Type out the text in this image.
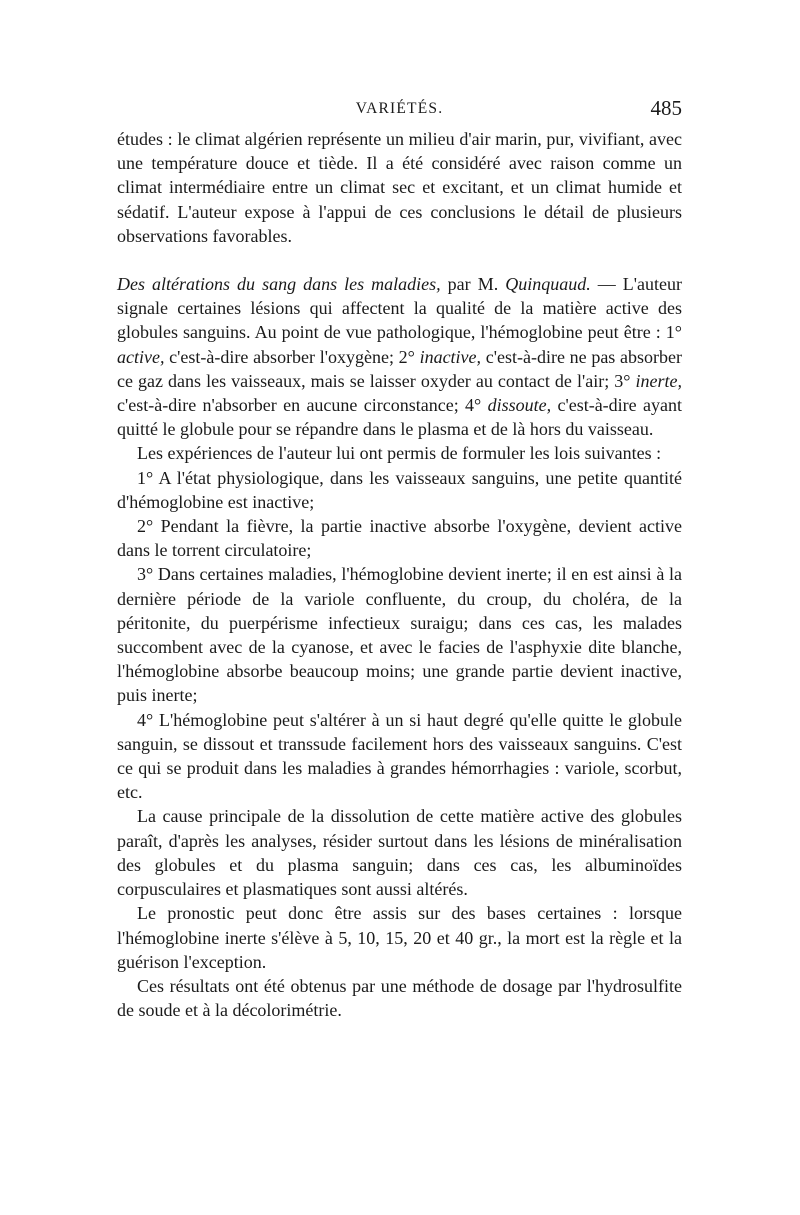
VARIÉTÉS.	485

études : le climat algérien représente un milieu d'air marin, pur, vivifiant, avec une température douce et tiède. Il a été considéré avec raison comme un climat intermédiaire entre un climat sec et excitant, et un climat humide et sédatif. L'auteur expose à l'appui de ces conclusions le détail de plusieurs observations favorables.

Des altérations du sang dans les maladies, par M. Quinquaud. — L'auteur signale certaines lésions qui affectent la qualité de la matière active des globules sanguins. Au point de vue pathologique, l'hémoglobine peut être : 1° active, c'est-à-dire absorber l'oxygène; 2° inactive, c'est-à-dire ne pas absorber ce gaz dans les vaisseaux, mais se laisser oxyder au contact de l'air; 3° inerte, c'est-à-dire n'absorber en aucune circonstance; 4° dissoute, c'est-à-dire ayant quitté le globule pour se répandre dans le plasma et de là hors du vaisseau.

Les expériences de l'auteur lui ont permis de formuler les lois suivantes :

1° A l'état physiologique, dans les vaisseaux sanguins, une petite quantité d'hémoglobine est inactive;

2° Pendant la fièvre, la partie inactive absorbe l'oxygène, devient active dans le torrent circulatoire;

3° Dans certaines maladies, l'hémoglobine devient inerte; il en est ainsi à la dernière période de la variole confluente, du croup, du choléra, de la péritonite, du puerpérisme infectieux suraigu; dans ces cas, les malades succombent avec de la cyanose, et avec le facies de l'asphyxie dite blanche, l'hémoglobine absorbe beaucoup moins; une grande partie devient inactive, puis inerte;

4° L'hémoglobine peut s'altérer à un si haut degré qu'elle quitte le globule sanguin, se dissout et transsude facilement hors des vaisseaux sanguins. C'est ce qui se produit dans les maladies à grandes hémorrhagies : variole, scorbut, etc.

La cause principale de la dissolution de cette matière active des globules paraît, d'après les analyses, résider surtout dans les lésions de minéralisation des globules et du plasma sanguin; dans ces cas, les albuminoïdes corpusculaires et plasmatiques sont aussi altérés.

Le pronostic peut donc être assis sur des bases certaines : lorsque l'hémoglobine inerte s'élève à 5, 10, 15, 20 et 40 gr., la mort est la règle et la guérison l'exception.

Ces résultats ont été obtenus par une méthode de dosage par l'hydrosulfite de soude et à la décolorimétrie.
